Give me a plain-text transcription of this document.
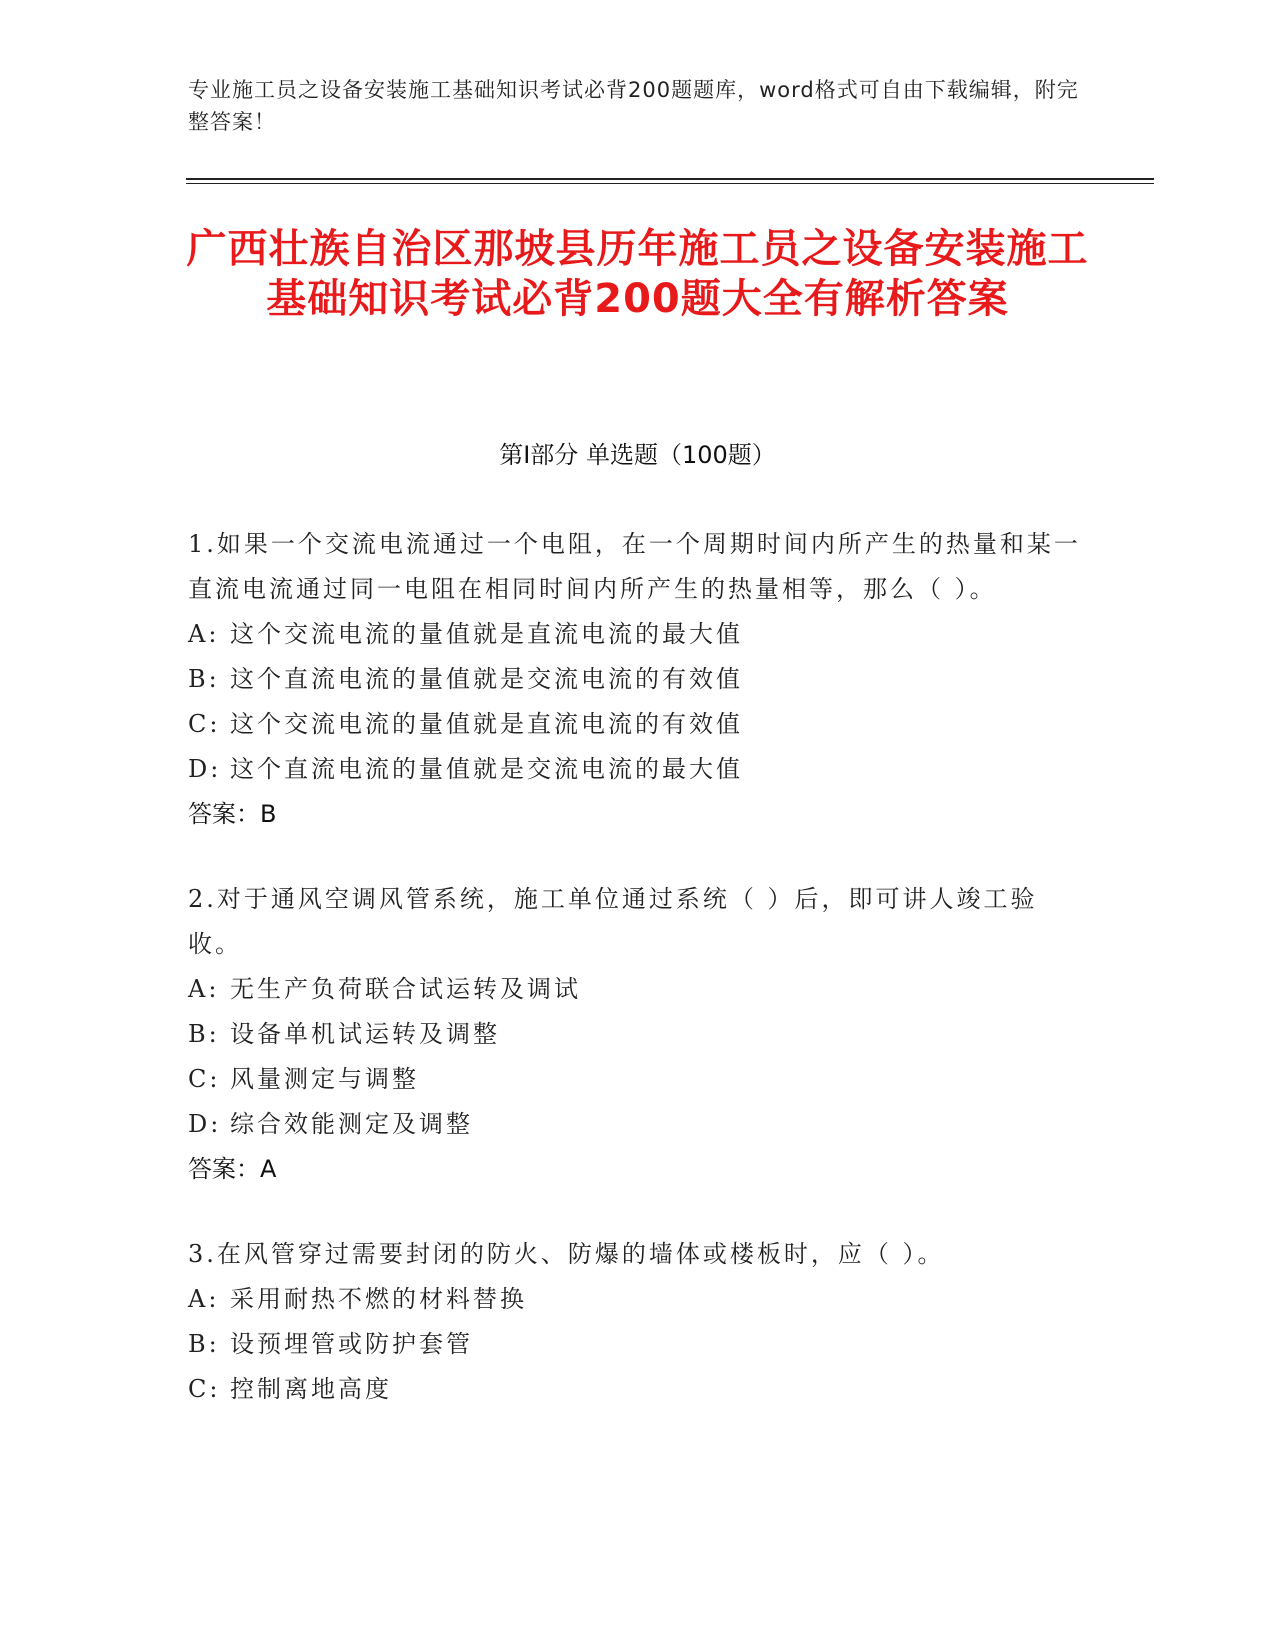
专业施工员之设备安装施工基础知识考试必背200题题库，word格式可自由下载编辑，附完整答案！
广西壮族自治区那坡县历年施工员之设备安装施工基础知识考试必背200题大全有解析答案
第Ⅰ部分 单选题（100题）
1.如果一个交流电流通过一个电阻，在一个周期时间内所产生的热量和某一直流电流通过同一电阻在相同时间内所产生的热量相等，那么（ ）。
A: 这个交流电流的量值就是直流电流的最大值
B: 这个直流电流的量值就是交流电流的有效值
C: 这个交流电流的量值就是直流电流的有效值
D: 这个直流电流的量值就是交流电流的最大值
答案：B
2.对于通风空调风管系统，施工单位通过系统（ ）后，即可讲人竣工验收。
A: 无生产负荷联合试运转及调试
B: 设备单机试运转及调整
C: 风量测定与调整
D: 综合效能测定及调整
答案：A
3.在风管穿过需要封闭的防火、防爆的墙体或楼板时，应（ ）。
A: 采用耐热不燃的材料替换
B: 设预埋管或防护套管
C: 控制离地高度
